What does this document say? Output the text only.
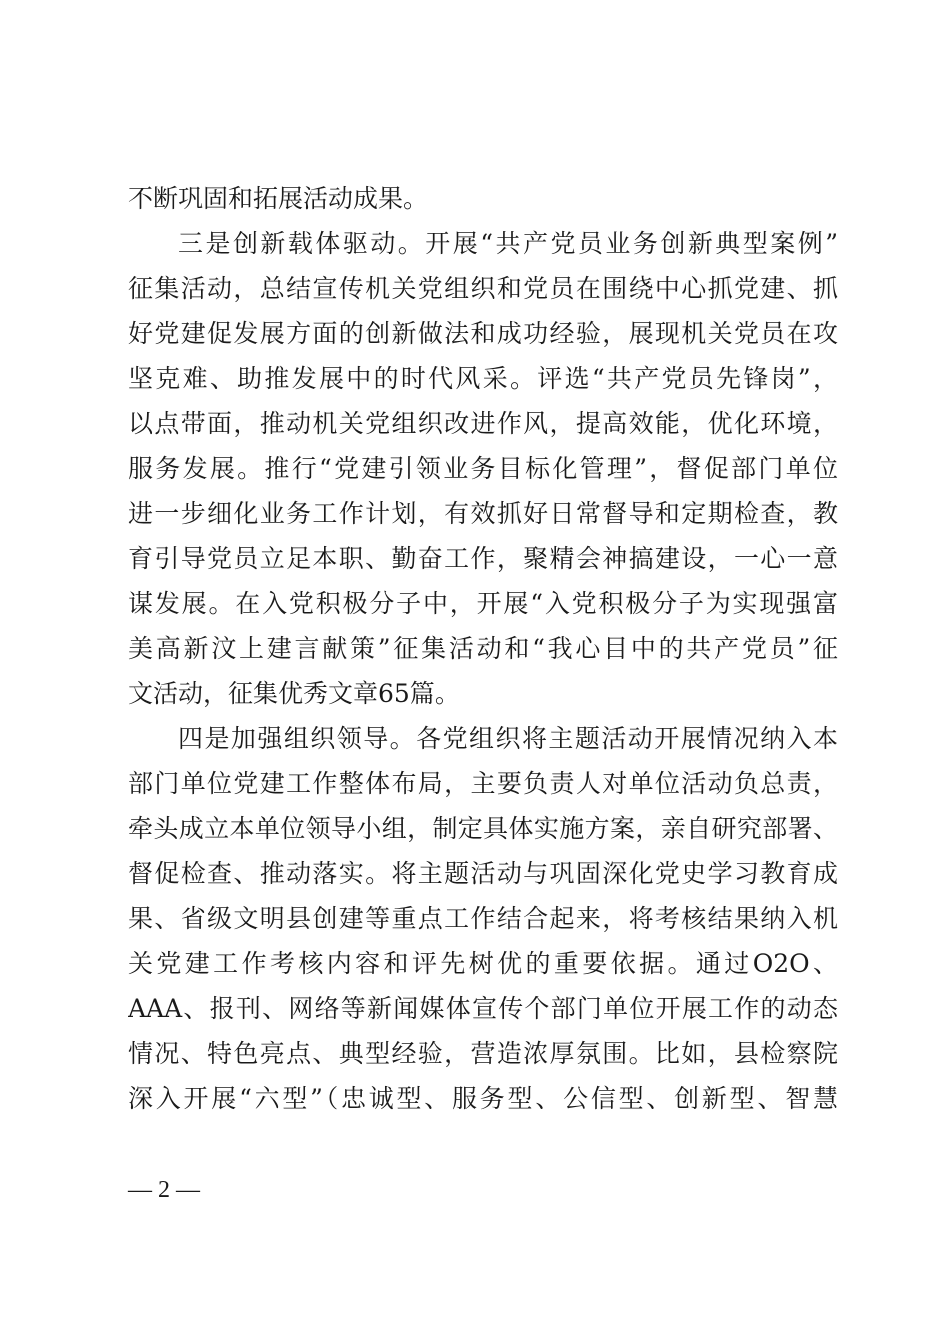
不断巩固和拓展活动成果。
三是创新载体驱动。开展“共产党员业务创新典型案例”
征集活动，总结宣传机关党组织和党员在围绕中心抓党建、抓
好党建促发展方面的创新做法和成功经验，展现机关党员在攻
坚克难、助推发展中的时代风采。评选“共产党员先锋岗”，
以点带面，推动机关党组织改进作风，提高效能，优化环境，
服务发展。推行“党建引领业务目标化管理”，督促部门单位
进一步细化业务工作计划，有效抓好日常督导和定期检查，教
育引导党员立足本职、勤奋工作，聚精会神搞建设，一心一意
谋发展。在入党积极分子中，开展“入党积极分子为实现强富
美高新汶上建言献策”征集活动和“我心目中的共产党员”征
文活动，征集优秀文章65篇。
四是加强组织领导。各党组织将主题活动开展情况纳入本
部门单位党建工作整体布局，主要负责人对单位活动负总责，
牵头成立本单位领导小组，制定具体实施方案，亲自研究部署、
督促检查、推动落实。将主题活动与巩固深化党史学习教育成
果、省级文明县创建等重点工作结合起来，将考核结果纳入机
关党建工作考核内容和评先树优的重要依据。通过O2O、
AAA、报刊、网络等新闻媒体宣传个部门单位开展工作的动态
情况、特色亮点、典型经验，营造浓厚氛围。比如，县检察院
深入开展“六型”（忠诚型、服务型、公信型、创新型、智慧
— 2 —
